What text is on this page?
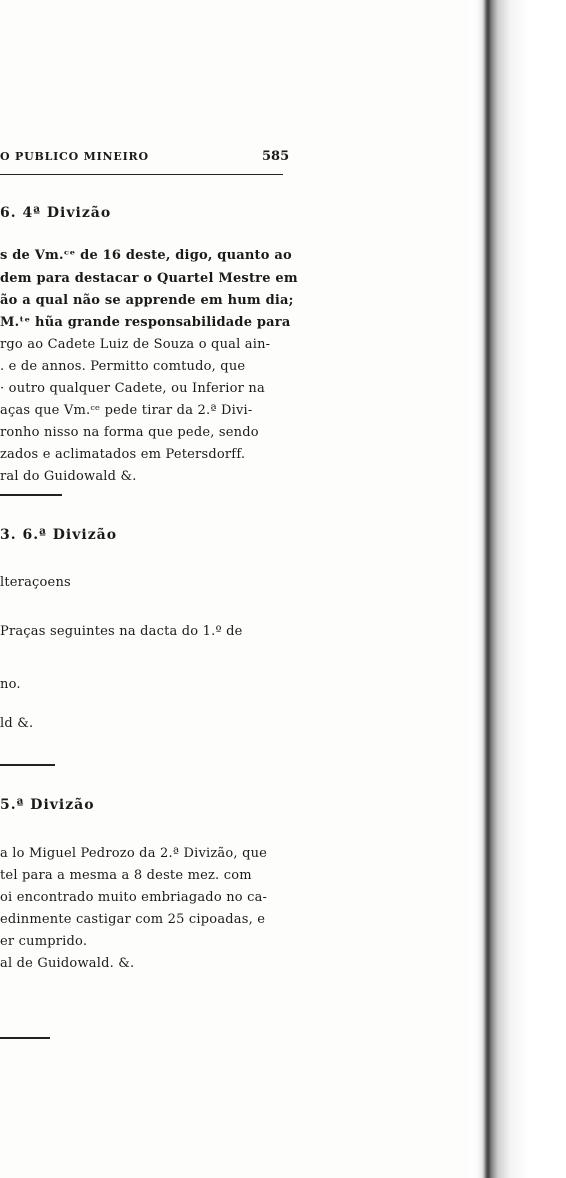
O PUBLICO MINEIRO	585
6. 4ª Divizão
s de Vm.ᶜᵉ de 16 deste, digo, quanto ao
dem para destacar o Quartel Mestre em
ão a qual não se apprende em hum dia;
M.ᵗᵉ hũa grande responsabilidade para
rgo ao Cadete Luiz de Souza o qual ain-
. e de annos. Permitto comtudo, que
· outro qualquer Cadete, ou Inferior na
aças que Vm.ᶜᵉ pede tirar da 2.ª Divi-
ronho nisso na forma que pede, sendo
zados e aclimatados em Petersdorff.
ral do Guidowald &.
3. 6.ª Divizão
lteraçoens
Praças seguintes na dacta do 1.º de
no.
ld &.
5.ª Divizão
a lo Miguel Pedrozo da 2.ª Divizão, que
tel para a mesma a 8 deste mez. com
oi encontrado muito embriagado no ca-
edinmente castigar com 25 cipoadas, e
er cumprido.
al de Guidowald. &.
